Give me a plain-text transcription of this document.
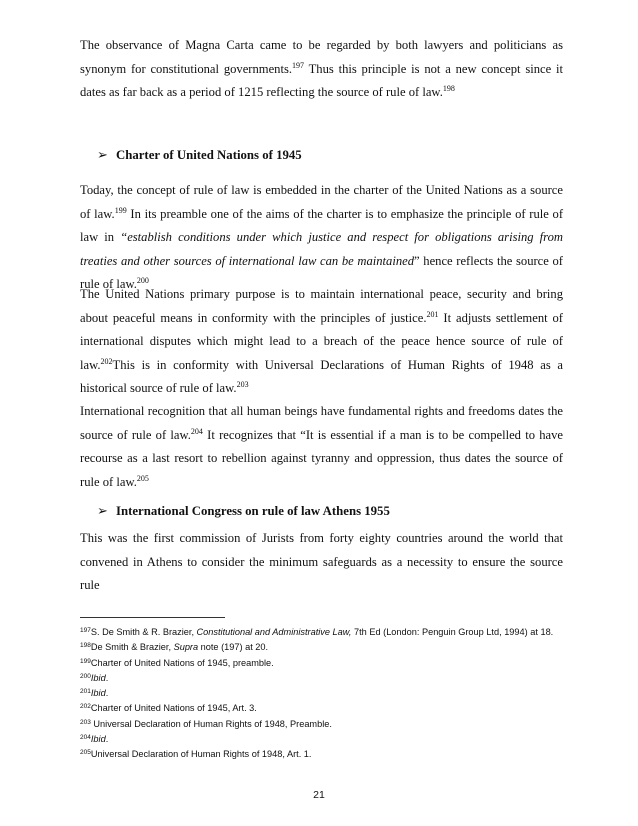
The observance of Magna Carta came to be regarded by both lawyers and politicians as synonym for constitutional governments.$^{197}$ Thus this principle is not a new concept since it dates as far back as a period of 1215 reflecting the source of rule of law.$^{198}$

➢ Charter of United Nations of 1945

Today, the concept of rule of law is embedded in the charter of the United Nations as a source of law.$^{199}$ In its preamble one of the aims of the charter is to emphasize the principle of rule of law in “establish conditions under which justice and respect for obligations arising from treaties and other sources of international law can be maintained” hence reflects the source of rule of law.$^{200}$

The United Nations primary purpose is to maintain international peace, security and bring about peaceful means in conformity with the principles of justice.$^{201}$ It adjusts settlement of international disputes which might lead to a breach of the peace hence source of rule of law.$^{202}$This is in conformity with Universal Declarations of Human Rights of 1948 as a historical source of rule of law.$^{203}$

International recognition that all human beings have fundamental rights and freedoms dates the source of rule of law.$^{204}$ It recognizes that “It is essential if a man is to be compelled to have recourse as a last resort to rebellion against tyranny and oppression, thus dates the source of rule of law.$^{205}$

➢ International Congress on rule of law Athens 1955

This was the first commission of Jurists from forty eighty countries around the world that convened in Athens to consider the minimum safeguards as a necessity to ensure the source rule

$^{197}$S. De Smith & R. Brazier, Constitutional and Administrative Law, 7th Ed (London: Penguin Group Ltd, 1994) at 18.
$^{198}$De Smith & Brazier, Supra note (197) at 20.
$^{199}$Charter of United Nations of 1945, preamble.
$^{200}$Ibid.
$^{201}$Ibid.
$^{202}$Charter of United Nations of 1945, Art. 3.
$^{203}$ Universal Declaration of Human Rights of 1948, Preamble.
$^{204}$Ibid.
$^{205}$Universal Declaration of Human Rights of 1948, Art. 1.
21
